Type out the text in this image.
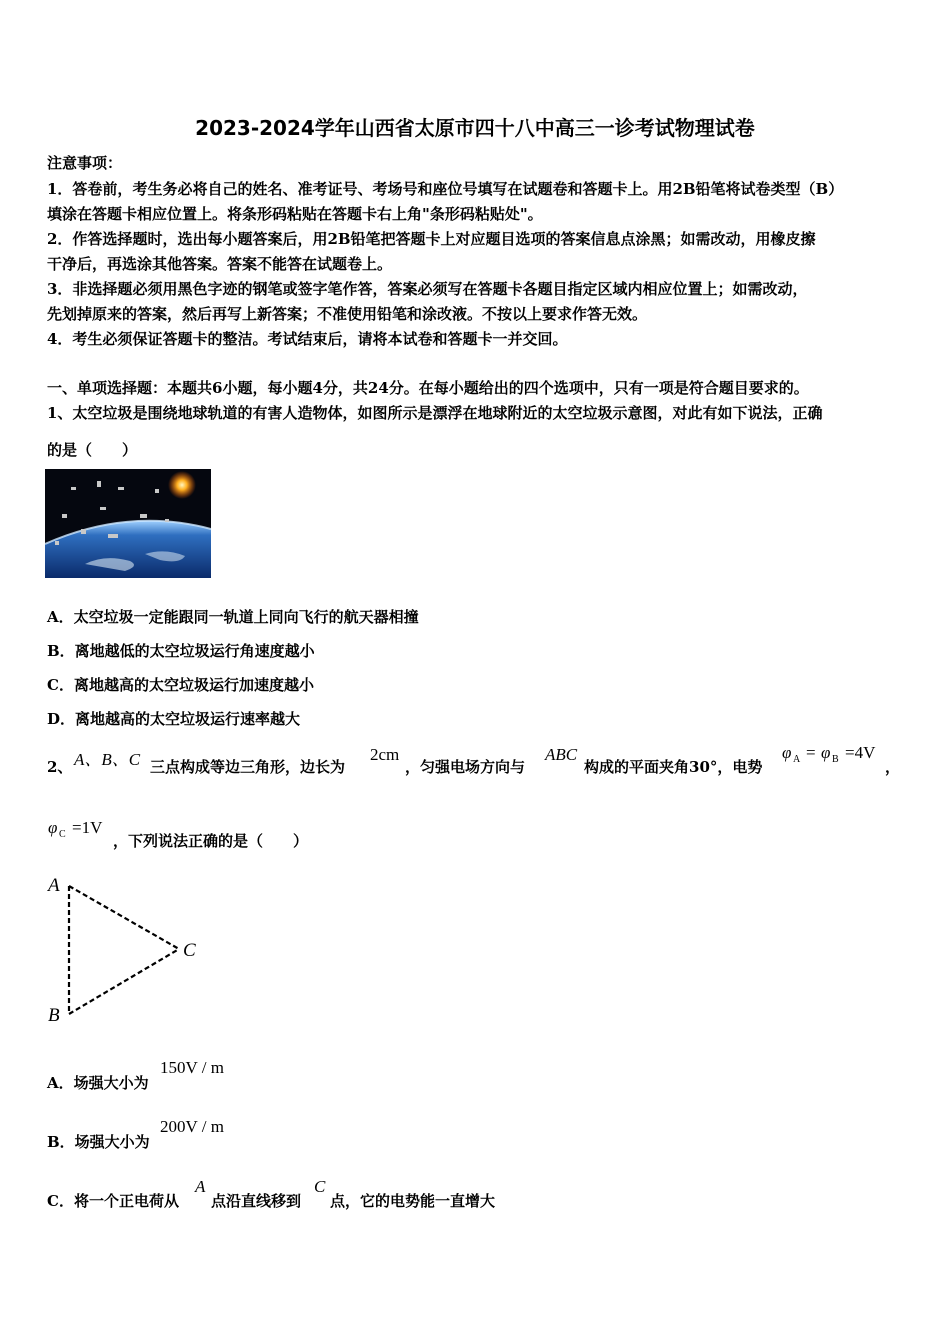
2023-2024学年山西省太原市四十八中高三一诊考试物理试卷
注意事项：
1．答卷前，考生务必将自己的姓名、准考证号、考场号和座位号填写在试题卷和答题卡上。用2B铅笔将试卷类型（B）
填涂在答题卡相应位置上。将条形码粘贴在答题卡右上角"条形码粘贴处"。
2．作答选择题时，选出每小题答案后，用2B铅笔把答题卡上对应题目选项的答案信息点涂黑；如需改动，用橡皮擦
干净后，再选涂其他答案。答案不能答在试题卷上。
3．非选择题必须用黑色字迹的钢笔或签字笔作答，答案必须写在答题卡各题目指定区域内相应位置上；如需改动，
先划掉原来的答案，然后再写上新答案；不准使用铅笔和涂改液。不按以上要求作答无效。
4．考生必须保证答题卡的整洁。考试结束后，请将本试卷和答题卡一并交回。
一、单项选择题：本题共6小题，每小题4分，共24分。在每小题给出的四个选项中，只有一项是符合题目要求的。
1、太空垃圾是围绕地球轨道的有害人造物体，如图所示是漂浮在地球附近的太空垃圾示意图，对此有如下说法，正确
的是（　　）
A．太空垃圾一定能跟同一轨道上同向飞行的航天器相撞
B．离地越低的太空垃圾运行角速度越小
C．离地越高的太空垃圾运行加速度越小
D．离地越高的太空垃圾运行速率越大
2、 A、B、C 三点构成等边三角形，边长为
2cm
，匀强电场方向与
ABC
构成的平面夹角30°，电势
φ A = φ B =4V
，
φ C =1V
，下列说法正确的是（　　）
A
B
C
A．场强大小为
150V / m
B．场强大小为
200V / m
C．将一个正电荷从
A
点沿直线移到
C
点，它的电势能一直增大
